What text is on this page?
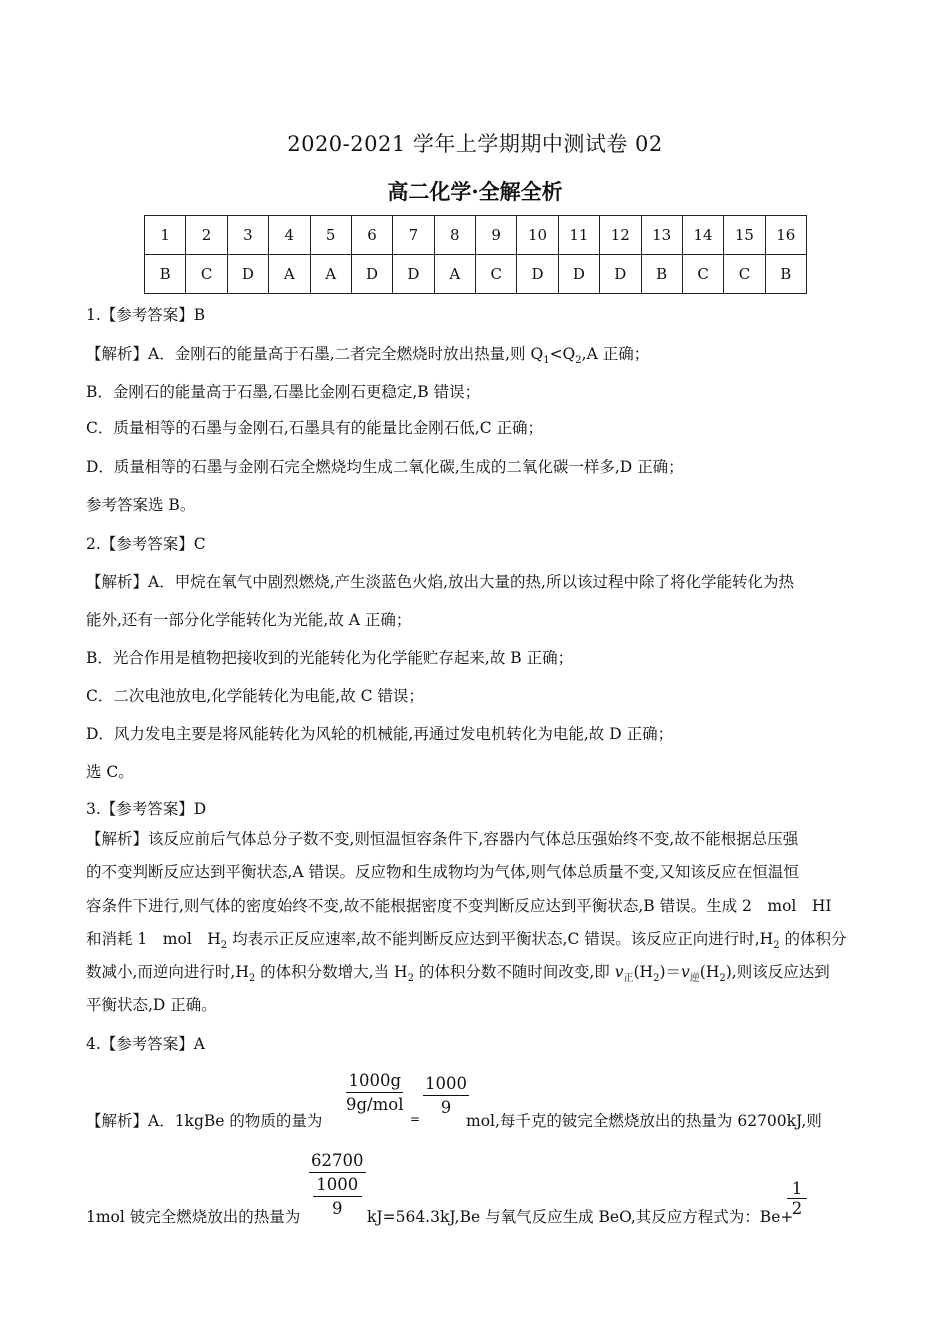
2020-2021 学年上学期期中测试卷 02
高二化学·全解全析
1	2	3	4	5	6	7	8	9	10	11	12	13	14	15	16
B	C	D	A	A	D	D	A	C	D	D	D	B	C	C	B
1.【参考答案】B
【解析】A．金刚石的能量高于石墨,二者完全燃烧时放出热量,则 $Q_1<Q_2,A$ 正确；
B．金刚石的能量高于石墨,石墨比金刚石更稳定,B 错误；
C．质量相等的石墨与金刚石,石墨具有的能量比金刚石低,C 正确；
D．质量相等的石墨与金刚石完全燃烧均生成二氧化碳,生成的二氧化碳一样多,D 正确；
参考答案选 B。
2.【参考答案】C
【解析】A．甲烷在氧气中剧烈燃烧,产生淡蓝色火焰,放出大量的热,所以该过程中除了将化学能转化为热
能外,还有一部分化学能转化为光能,故 A 正确；
B．光合作用是植物把接收到的光能转化为化学能贮存起来,故 B 正确；
C．二次电池放电,化学能转化为电能,故 C 错误；
D．风力发电主要是将风能转化为风轮的机械能,再通过发电机转化为电能,故 D 正确；
选 C。
3.【参考答案】D
【解析】该反应前后气体总分子数不变,则恒温恒容条件下,容器内气体总压强始终不变,故不能根据总压强
的不变判断反应达到平衡状态,A 错误。反应物和生成物均为气体,则气体总质量不变,又知该反应在恒温恒
容条件下进行,则气体的密度始终不变,故不能根据密度不变判断反应达到平衡状态,B 错误。生成 2　mol　HI
和消耗 1　mol　$H_2$ 均表示正反应速率,故不能判断反应达到平衡状态,C 错误。该反应正向进行时$,H_2$ 的体积分
数减小,而逆向进行时$,H_2$ 的体积分数增大,当 $H_2$ 的体积分数不随时间改变,即 $v_正(H_2)=v_逆(H_2)$,则该反应达到
平衡状态,D 正确。
4.【参考答案】A
【解析】A．1kgBe 的物质的量为
1000g
9g/mol
=
1000
9
mol,每千克的铍完全燃烧放出的热量为 62700kJ,则
1mol 铍完全燃烧放出的热量为
62700
1000
9	kJ=564.3kJ,Be 与氧气反应生成 BeO,其反应方程式为：Be+
1
2
